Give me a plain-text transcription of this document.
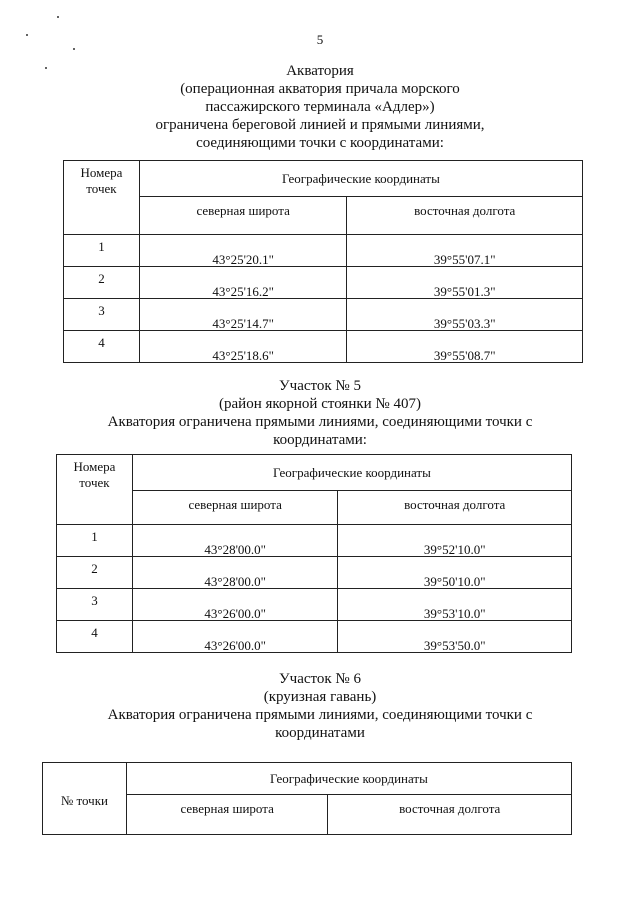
5
Акватория
(операционная акватория причала морского
пассажирского терминала «Адлер»)
ограничена береговой линией и прямыми линиями,
соединяющими точки с координатами:
Номера
точек	Географические координаты	
	северная широта	восточная долгота
1	43°25'20.1"	39°55'07.1"
2	43°25'16.2"	39°55'01.3"
3	43°25'14.7"	39°55'03.3"
4	43°25'18.6"	39°55'08.7"
Участок № 5
(район якорной стоянки № 407)
Акватория ограничена прямыми линиями, соединяющими точки с
координатами:
Номера
точек	Географические координаты	
	северная широта	восточная долгота
1	43°28'00.0"	39°52'10.0"
2	43°28'00.0"	39°50'10.0"
3	43°26'00.0"	39°53'10.0"
4	43°26'00.0"	39°53'50.0"
Участок № 6
(круизная гавань)
Акватория ограничена прямыми линиями, соединяющими точки с
координатами
№ точки	Географические координаты	
	северная широта	восточная долгота
